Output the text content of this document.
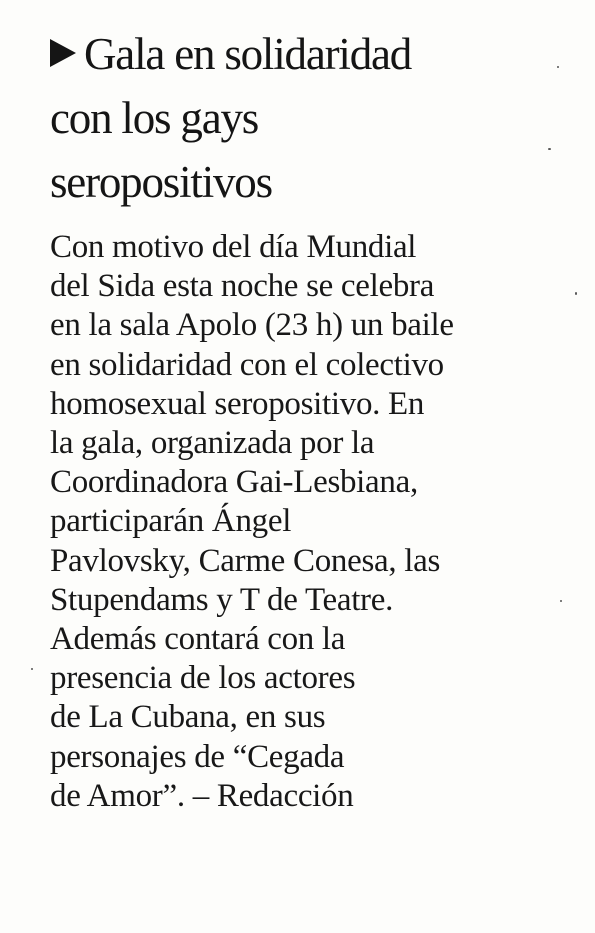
Gala en solidaridad
con los gays
seropositivos

Con motivo del día Mundial
del Sida esta noche se celebra
en la sala Apolo (23 h) un baile
en solidaridad con el colectivo
homosexual seropositivo. En
la gala, organizada por la
Coordinadora Gai-Lesbiana,
participarán Ángel
Pavlovsky, Carme Conesa, las
Stupendams y T de Teatre.
Además contará con la
presencia de los actores
de La Cubana, en sus
personajes de “Cegada
de Amor”. – Redacción
